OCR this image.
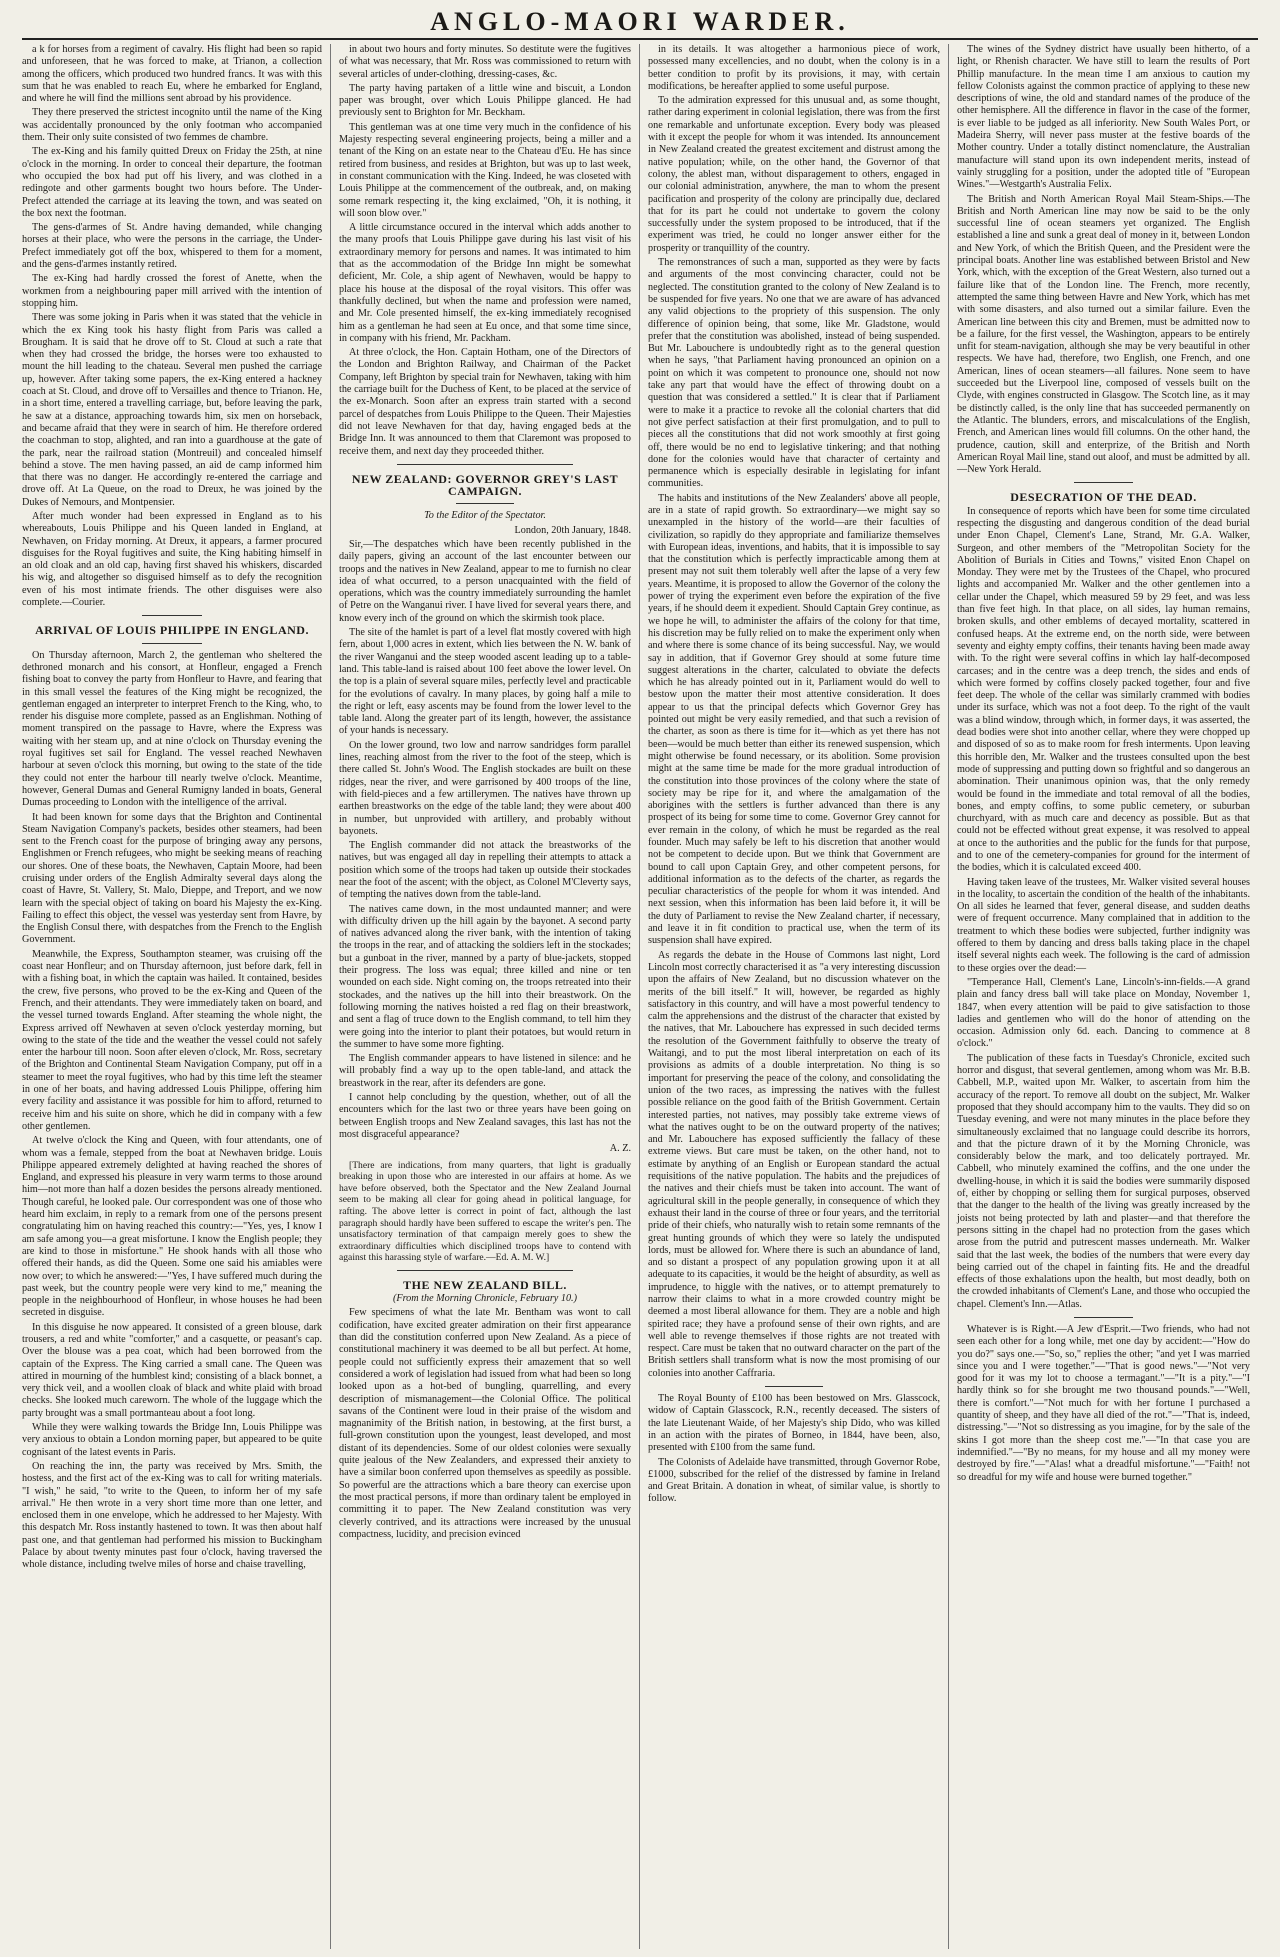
ANGLO-MAORI WARDER.

a k for horses from a regiment of cavalry. His flight had been so rapid and unforeseen, that he was forced to make, at Trianon, a collection among the officers, which produced two hundred francs. It was with this sum that he was enabled to reach Eu, where he embarked for England, and where he will find the millions sent abroad by his providence.

They there preserved the strictest incognito until the name of the King was accidentally pronounced by the only footman who accompanied them. Their only suite consisted of two femmes de chambre.

The ex-King and his family quitted Dreux on Friday the 25th, at nine o'clock in the morning. In order to conceal their departure, the footman who occupied the box had put off his livery, and was clothed in a redingote and other garments bought two hours before. The Under-Prefect attended the carriage at its leaving the town, and was seated on the box next the footman.

The gens-d'armes of St. Andre having demanded, while changing horses at their place, who were the persons in the carriage, the Under-Prefect immediately got off the box, whispered to them for a moment, and the gens-d'armes instantly retired.

The ex-King had hardly crossed the forest of Anette, when the workmen from a neighbouring paper mill arrived with the intention of stopping him.

There was some joking in Paris when it was stated that the vehicle in which the ex King took his hasty flight from Paris was called a Brougham. It is said that he drove off to St. Cloud at such a rate that when they had crossed the bridge, the horses were too exhausted to mount the hill leading to the chateau. Several men pushed the carriage up, however. After taking some papers, the ex-King entered a hackney coach at St. Cloud, and drove off to Versailles and thence to Trianon. He, in a short time, entered a travelling carriage, but, before leaving the park, he saw at a distance, approaching towards him, six men on horseback, and became afraid that they were in search of him. He therefore ordered the coachman to stop, alighted, and ran into a guardhouse at the gate of the park, near the railroad station (Montreuil) and concealed himself behind a stove. The men having passed, an aid de camp informed him that there was no danger. He accordingly re-entered the carriage and drove off. At La Queue, on the road to Dreux, he was joined by the Dukes of Nemours, and Montpensier.

After much wonder had been expressed in England as to his whereabouts, Louis Philippe and his Queen landed in England, at Newhaven, on Friday morning. At Dreux, it appears, a farmer procured disguises for the Royal fugitives and suite, the King habiting himself in an old cloak and an old cap, having first shaved his whiskers, discarded his wig, and altogether so disguised himself as to defy the recognition even of his most intimate friends. The other disguises were also complete.—Courier.

ARRIVAL OF LOUIS PHILIPPE IN ENGLAND.

On Thursday afternoon, March 2, the gentleman who sheltered the dethroned monarch and his consort, at Honfleur, engaged a French fishing boat to convey the party from Honfleur to Havre, and fearing that in this small vessel the features of the King might be recognized, the gentleman engaged an interpreter to interpret French to the King, who, to render his disguise more complete, passed as an Englishman. Nothing of moment transpired on the passage to Havre, where the Express was waiting with her steam up, and at nine o'clock on Thursday evening the royal fugitives set sail for England. The vessel reached Newhaven harbour at seven o'clock this morning, but owing to the state of the tide they could not enter the harbour till nearly twelve o'clock. Meantime, however, General Dumas and General Rumigny landed in boats, General Dumas proceeding to London with the intelligence of the arrival.

It had been known for some days that the Brighton and Continental Steam Navigation Company's packets, besides other steamers, had been sent to the French coast for the purpose of bringing away any persons, Englishmen or French refugees, who might be seeking means of reaching our shores. One of these boats, the Newhaven, Captain Moore, had been cruising under orders of the English Admiralty several days along the coast of Havre, St. Vallery, St. Malo, Dieppe, and Treport, and we now learn with the special object of taking on board his Majesty the ex-King. Failing to effect this object, the vessel was yesterday sent from Havre, by the English Consul there, with despatches from the French to the English Government.

Meanwhile, the Express, Southampton steamer, was cruising off the coast near Honfleur; and on Thursday afternoon, just before dark, fell in with a fishing boat, in which the captain was hailed. It contained, besides the crew, five persons, who proved to be the ex-King and Queen of the French, and their attendants. They were immediately taken on board, and the vessel turned towards England. After steaming the whole night, the Express arrived off Newhaven at seven o'clock yesterday morning, but owing to the state of the tide and the weather the vessel could not safely enter the harbour till noon. Soon after eleven o'clock, Mr. Ross, secretary of the Brighton and Continental Steam Navigation Company, put off in a steamer to meet the royal fugitives, who had by this time left the steamer in one of her boats, and having addressed Louis Philippe, offering him every facility and assistance it was possible for him to afford, returned to receive him and his suite on shore, which he did in company with a few other gentlemen.

At twelve o'clock the King and Queen, with four attendants, one of whom was a female, stepped from the boat at Newhaven bridge. Louis Philippe appeared extremely delighted at having reached the shores of England, and expressed his pleasure in very warm terms to those around him—not more than half a dozen besides the persons already mentioned. Though careful, he looked pale. Our correspondent was one of those who heard him exclaim, in reply to a remark from one of the persons present congratulating him on having reached this country:—"Yes, yes, I know I am safe among you—a great misfortune. I know the English people; they are kind to those in misfortune." He shook hands with all those who offered their hands, as did the Queen. Some one said his amiables were now over; to which he answered:—"Yes, I have suffered much during the past week, but the country people were very kind to me," meaning the people in the neighbourhood of Honfleur, in whose houses he had been secreted in disguise.

In this disguise he now appeared. It consisted of a green blouse, dark trousers, a red and white "comforter," and a casquette, or peasant's cap. Over the blouse was a pea coat, which had been borrowed from the captain of the Express. The King carried a small cane. The Queen was attired in mourning of the humblest kind; consisting of a black bonnet, a very thick veil, and a woollen cloak of black and white plaid with broad checks. She looked much careworn. The whole of the luggage which the party brought was a small portmanteau about a foot long.

While they were walking towards the Bridge Inn, Louis Philippe was very anxious to obtain a London morning paper, but appeared to be quite cognisant of the latest events in Paris.

On reaching the inn, the party was received by Mrs. Smith, the hostess, and the first act of the ex-King was to call for writing materials. "I wish," he said, "to write to the Queen, to inform her of my safe arrival." He then wrote in a very short time more than one letter, and enclosed them in one envelope, which he addressed to her Majesty. With this despatch Mr. Ross instantly hastened to town. It was then about half past one, and that gentleman had performed his mission to Buckingham Palace by about twenty minutes past four o'clock, having traversed the whole distance, including twelve miles of horse and chaise travelling,

in about two hours and forty minutes. So destitute were the fugitives of what was necessary, that Mr. Ross was commissioned to return with several articles of under-clothing, dressing-cases, &c.

The party having partaken of a little wine and biscuit, a London paper was brought, over which Louis Philippe glanced. He had previously sent to Brighton for Mr. Beckham.

This gentleman was at one time very much in the confidence of his Majesty respecting several engineering projects, being a miller and a tenant of the King on an estate near to the Chateau d'Eu. He has since retired from business, and resides at Brighton, but was up to last week, in constant communication with the King. Indeed, he was closeted with Louis Philippe at the commencement of the outbreak, and, on making some remark respecting it, the king exclaimed, "Oh, it is nothing, it will soon blow over."

A little circumstance occured in the interval which adds another to the many proofs that Louis Philippe gave during his last visit of his extraordinary memory for persons and names. It was intimated to him that as the accommodation of the Bridge Inn might be somewhat deficient, Mr. Cole, a ship agent of Newhaven, would be happy to place his house at the disposal of the royal visitors. This offer was thankfully declined, but when the name and profession were named, and Mr. Cole presented himself, the ex-king immediately recognised him as a gentleman he had seen at Eu once, and that some time since, in company with his friend, Mr. Packham.

At three o'clock, the Hon. Captain Hotham, one of the Directors of the London and Brighton Railway, and Chairman of the Packet Company, left Brighton by special train for Newhaven, taking with him the carriage built for the Duchess of Kent, to be placed at the service of the ex-Monarch. Soon after an express train started with a second parcel of despatches from Louis Philippe to the Queen. Their Majesties did not leave Newhaven for that day, having engaged beds at the Bridge Inn. It was announced to them that Claremont was proposed to receive them, and next day they proceeded thither.

NEW ZEALAND: GOVERNOR GREY'S LAST CAMPAIGN.
To the Editor of the Spectator.
London, 20th January, 1848.

Sir,—The despatches which have been recently published in the daily papers, giving an account of the last encounter between our troops and the natives in New Zealand, appear to me to furnish no clear idea of what occurred, to a person unacquainted with the field of operations, which was the country immediately surrounding the hamlet of Petre on the Wanganui river. I have lived for several years there, and know every inch of the ground on which the skirmish took place.

The site of the hamlet is part of a level flat mostly covered with high fern, about 1,000 acres in extent, which lies between the N. W. bank of the river Wanganui and the steep wooded ascent leading up to a table-land. This table-land is raised about 100 feet above the lower level. On the top is a plain of several square miles, perfectly level and practicable for the evolutions of cavalry. In many places, by going half a mile to the right or left, easy ascents may be found from the lower level to the table land. Along the greater part of its length, however, the assistance of your hands is necessary.

On the lower ground, two low and narrow sandridges form parallel lines, reaching almost from the river to the foot of the steep, which is there called St. John's Wood. The English stockades are built on these ridges, near the river, and were garrisoned by 400 troops of the line, with field-pieces and a few artillerymen. The natives have thrown up earthen breastworks on the edge of the table land; they were about 400 in number, but unprovided with artillery, and probably without bayonets.

The English commander did not attack the breastworks of the natives, but was engaged all day in repelling their attempts to attack a position which some of the troops had taken up outside their stockades near the foot of the ascent; with the object, as Colonel M'Cleverty says, of tempting the natives down from the table-land.

The natives came down, in the most undaunted manner; and were with difficulty driven up the hill again by the bayonet. A second party of natives advanced along the river bank, with the intention of taking the troops in the rear, and of attacking the soldiers left in the stockades; but a gunboat in the river, manned by a party of blue-jackets, stopped their progress. The loss was equal; three killed and nine or ten wounded on each side. Night coming on, the troops retreated into their stockades, and the natives up the hill into their breastwork. On the following morning the natives hoisted a red flag on their breastwork, and sent a flag of truce down to the English command, to tell him they were going into the interior to plant their potatoes, but would return in the summer to have some more fighting.

The English commander appears to have listened in silence: and he will probably find a way up to the open table-land, and attack the breastwork in the rear, after its defenders are gone.

I cannot help concluding by the question, whether, out of all the encounters which for the last two or three years have been going on between English troops and New Zealand savages, this last has not the most disgraceful appearance?

A. Z.

[There are indications, from many quarters, that light is gradually breaking in upon those who are interested in our affairs at home. As we have before observed, both the Spectator and the New Zealand Journal seem to be making all clear for going ahead in political language, for rafting. The above letter is correct in point of fact, although the last paragraph should hardly have been suffered to escape the writer's pen. The unsatisfactory termination of that campaign merely goes to shew the extraordinary difficulties which disciplined troops have to contend with against this harassing style of warfare.—Ed. A. M. W.]

THE NEW ZEALAND BILL.
(From the Morning Chronicle, February 10.)

Few specimens of what the late Mr. Bentham was wont to call codification, have excited greater admiration on their first appearance than did the constitution conferred upon New Zealand. As a piece of constitutional machinery it was deemed to be all but perfect. At home, people could not sufficiently express their amazement that so well considered a work of legislation had issued from what had been so long looked upon as a hot-bed of bungling, quarrelling, and every description of mismanagement—the Colonial Office. The political savans of the Continent were loud in their praise of the wisdom and magnanimity of the British nation, in bestowing, at the first burst, a full-grown constitution upon the youngest, least developed, and most distant of its dependencies. Some of our oldest colonies were sexually quite jealous of the New Zealanders, and expressed their anxiety to have a similar boon conferred upon themselves as speedily as possible. So powerful are the attractions which a bare theory can exercise upon the most practical persons, if more than ordinary talent be employed in committing it to paper. The New Zealand constitution was very cleverly contrived, and its attractions were increased by the unusual compactness, lucidity, and precision evinced

in its details. It was altogether a harmonious piece of work, possessed many excellencies, and no doubt, when the colony is in a better condition to profit by its provisions, it may, with certain modifications, be hereafter applied to some useful purpose.

To the admiration expressed for this unusual and, as some thought, rather daring experiment in colonial legislation, there was from the first one remarkable and unfortunate exception. Every body was pleased with it except the people for whom it was intended. Its announcement in New Zealand created the greatest excitement and distrust among the native population; while, on the other hand, the Governor of that colony, the ablest man, without disparagement to others, engaged in our colonial administration, anywhere, the man to whom the present pacification and prosperity of the colony are principally due, declared that for its part he could not undertake to govern the colony successfully under the system proposed to be introduced, that if the experiment was tried, he could no longer answer either for the prosperity or tranquillity of the country.

The remonstrances of such a man, supported as they were by facts and arguments of the most convincing character, could not be neglected. The constitution granted to the colony of New Zealand is to be suspended for five years. No one that we are aware of has advanced any valid objections to the propriety of this suspension. The only difference of opinion being, that some, like Mr. Gladstone, would prefer that the constitution was abolished, instead of being suspended. But Mr. Labouchere is undoubtedly right as to the general question when he says, "that Parliament having pronounced an opinion on a point on which it was competent to pronounce one, should not now take any part that would have the effect of throwing doubt on a question that was considered a settled." It is clear that if Parliament were to make it a practice to revoke all the colonial charters that did not give perfect satisfaction at their first promulgation, and to pull to pieces all the constitutions that did not work smoothly at first going off, there would be no end to legislative tinkering; and that nothing done for the colonies would have that character of certainty and permanence which is especially desirable in legislating for infant communities.

The habits and institutions of the New Zealanders' above all people, are in a state of rapid growth. So extraordinary—we might say so unexampled in the history of the world—are their faculties of civilization, so rapidly do they appropriate and familiarize themselves with European ideas, inventions, and habits, that it is impossible to say that the constitution which is perfectly impracticable among them at present may not suit them tolerably well after the lapse of a very few years. Meantime, it is proposed to allow the Governor of the colony the power of trying the experiment even before the expiration of the five years, if he should deem it expedient. Should Captain Grey continue, as we hope he will, to administer the affairs of the colony for that time, his discretion may be fully relied on to make the experiment only when and where there is some chance of its being successful. Nay, we would say in addition, that if Governor Grey should at some future time suggest alterations in the charter, calculated to obviate the defects which he has already pointed out in it, Parliament would do well to bestow upon the matter their most attentive consideration. It does appear to us that the principal defects which Governor Grey has pointed out might be very easily remedied, and that such a revision of the charter, as soon as there is time for it—which as yet there has not been—would be much better than either its renewed suspension, which might otherwise be found necessary, or its abolition. Some provision might at the same time be made for the more gradual introduction of the constitution into those provinces of the colony where the state of society may be ripe for it, and where the amalgamation of the aborigines with the settlers is further advanced than there is any prospect of its being for some time to come. Governor Grey cannot for ever remain in the colony, of which he must be regarded as the real founder. Much may safely be left to his discretion that another would not be competent to decide upon. But we think that Government are bound to call upon Captain Grey, and other competent persons, for additional information as to the defects of the charter, as regards the peculiar characteristics of the people for whom it was intended. And next session, when this information has been laid before it, it will be the duty of Parliament to revise the New Zealand charter, if necessary, and leave it in fit condition to practical use, when the term of its suspension shall have expired.

As regards the debate in the House of Commons last night, Lord Lincoln most correctly characterised it as "a very interesting discussion upon the affairs of New Zealand, but no discussion whatever on the merits of the bill itself." It will, however, be regarded as highly satisfactory in this country, and will have a most powerful tendency to calm the apprehensions and the distrust of the character that existed by the natives, that Mr. Labouchere has expressed in such decided terms the resolution of the Government faithfully to observe the treaty of Waitangi, and to put the most liberal interpretation on each of its provisions as admits of a double interpretation. No thing is so important for preserving the peace of the colony, and consolidating the union of the two races, as impressing the natives with the fullest possible reliance on the good faith of the British Government. Certain interested parties, not natives, may possibly take extreme views of what the natives ought to be on the outward property of the natives; and Mr. Labouchere has exposed sufficiently the fallacy of these extreme views. But care must be taken, on the other hand, not to estimate by anything of an English or European standard the actual requisitions of the native population. The habits and the prejudices of the natives and their chiefs must be taken into account. The want of agricultural skill in the people generally, in consequence of which they exhaust their land in the course of three or four years, and the territorial pride of their chiefs, who naturally wish to retain some remnants of the great hunting grounds of which they were so lately the undisputed lords, must be allowed for. Where there is such an abundance of land, and so distant a prospect of any population growing upon it at all adequate to its capacities, it would be the height of absurdity, as well as imprudence, to higgle with the natives, or to attempt prematurely to narrow their claims to what in a more crowded country might be deemed a most liberal allowance for them. They are a noble and high spirited race; they have a profound sense of their own rights, and are well able to revenge themselves if those rights are not treated with respect. Care must be taken that no outward character on the part of the British settlers shall transform what is now the most promising of our colonies into another Caffraria.

The Royal Bounty of £100 has been bestowed on Mrs. Glasscock, widow of Captain Glasscock, R.N., recently deceased. The sisters of the late Lieutenant Waide, of her Majesty's ship Dido, who was killed in an action with the pirates of Borneo, in 1844, have been, also, presented with £100 from the same fund.

The Colonists of Adelaide have transmitted, through Governor Robe, £1000, subscribed for the relief of the distressed by famine in Ireland and Great Britain. A donation in wheat, of similar value, is shortly to follow.

The wines of the Sydney district have usually been hitherto, of a light, or Rhenish character. We have still to learn the results of Port Phillip manufacture. In the mean time I am anxious to caution my fellow Colonists against the common practice of applying to these new descriptions of wine, the old and standard names of the produce of the other hemisphere. All the difference in flavor in the case of the former, is ever liable to be judged as all inferiority. New South Wales Port, or Madeira Sherry, will never pass muster at the festive boards of the Mother country. Under a totally distinct nomenclature, the Australian manufacture will stand upon its own independent merits, instead of vainly struggling for a position, under the adopted title of "European Wines."—Westgarth's Australia Felix.

The British and North American Royal Mail Steam-Ships.—The British and North American line may now be said to be the only successful line of ocean steamers yet organized. The English established a line and sunk a great deal of money in it, between London and New York, of which the British Queen, and the President were the principal boats. Another line was established between Bristol and New York, which, with the exception of the Great Western, also turned out a failure like that of the London line. The French, more recently, attempted the same thing between Havre and New York, which has met with some disasters, and also turned out a similar failure. Even the American line between this city and Bremen, must be admitted now to be a failure, for the first vessel, the Washington, appears to be entirely unfit for steam-navigation, although she may be very beautiful in other respects. We have had, therefore, two English, one French, and one American, lines of ocean steamers—all failures. None seem to have succeeded but the Liverpool line, composed of vessels built on the Clyde, with engines constructed in Glasgow. The Scotch line, as it may be distinctly called, is the only line that has succeeded permanently on the Atlantic. The blunders, errors, and miscalculations of the English, French, and American lines would fill columns. On the other hand, the prudence, caution, skill and enterprize, of the British and North American Royal Mail line, stand out aloof, and must be admitted by all.—New York Herald.

DESECRATION OF THE DEAD.

In consequence of reports which have been for some time circulated respecting the disgusting and dangerous condition of the dead burial under Enon Chapel, Clement's Lane, Strand, Mr. G.A. Walker, Surgeon, and other members of the "Metropolitan Society for the Abolition of Burials in Cities and Towns," visited Enon Chapel on Monday. They were met by the Trustees of the Chapel, who procured lights and accompanied Mr. Walker and the other gentlemen into a cellar under the Chapel, which measured 59 by 29 feet, and was less than five feet high. In that place, on all sides, lay human remains, broken skulls, and other emblems of decayed mortality, scattered in confused heaps. At the extreme end, on the north side, were between seventy and eighty empty coffins, their tenants having been made away with. To the right were several coffins in which lay half-decomposed carcases; and in the centre was a deep trench, the sides and ends of which were formed by coffins closely packed together, four and five feet deep. The whole of the cellar was similarly crammed with bodies under its surface, which was not a foot deep. To the right of the vault was a blind window, through which, in former days, it was asserted, the dead bodies were shot into another cellar, where they were chopped up and disposed of so as to make room for fresh interments. Upon leaving this horrible den, Mr. Walker and the trustees consulted upon the best mode of suppressing and putting down so frightful and so dangerous an abomination. Their unanimous opinion was, that the only remedy would be found in the immediate and total removal of all the bodies, bones, and empty coffins, to some public cemetery, or suburban churchyard, with as much care and decency as possible. But as that could not be effected without great expense, it was resolved to appeal at once to the authorities and the public for the funds for that purpose, and to one of the cemetery-companies for ground for the interment of the bodies, which it is calculated exceed 400.

Having taken leave of the trustees, Mr. Walker visited several houses in the locality, to ascertain the condition of the health of the inhabitants. On all sides he learned that fever, general disease, and sudden deaths were of frequent occurrence. Many complained that in addition to the treatment to which these bodies were subjected, further indignity was offered to them by dancing and dress balls taking place in the chapel itself several nights each week. The following is the card of admission to these orgies over the dead:—

"Temperance Hall, Clement's Lane, Lincoln's-inn-fields.—A grand plain and fancy dress ball will take place on Monday, November 1, 1847, when every attention will be paid to give satisfaction to those ladies and gentlemen who will do the honor of attending on the occasion. Admission only 6d. each. Dancing to commence at 8 o'clock."

The publication of these facts in Tuesday's Chronicle, excited such horror and disgust, that several gentlemen, among whom was Mr. B.B. Cabbell, M.P., waited upon Mr. Walker, to ascertain from him the accuracy of the report. To remove all doubt on the subject, Mr. Walker proposed that they should accompany him to the vaults. They did so on Tuesday evening, and were not many minutes in the place before they simultaneously exclaimed that no language could describe its horrors, and that the picture drawn of it by the Morning Chronicle, was considerably below the mark, and too delicately portrayed. Mr. Cabbell, who minutely examined the coffins, and the one under the dwelling-house, in which it is said the bodies were summarily disposed of, either by chopping or selling them for surgical purposes, observed that the danger to the health of the living was greatly increased by the joists not being protected by lath and plaster—and that therefore the persons sitting in the chapel had no protection from the gases which arose from the putrid and putrescent masses underneath. Mr. Walker said that the last week, the bodies of the numbers that were every day being carried out of the chapel in fainting fits. He and the dreadful effects of those exhalations upon the health, but most deadly, both on the crowded inhabitants of Clement's Lane, and those who occupied the chapel. Clement's Inn.—Atlas.

Whatever is is Right.—A Jew d'Esprit.—Two friends, who had not seen each other for a long while, met one day by accident:—"How do you do?" says one.—"So, so," replies the other; "and yet I was married since you and I were together."—"That is good news."—"Not very good for it was my lot to choose a termagant."—"It is a pity."—"I hardly think so for she brought me two thousand pounds."—"Well, there is comfort."—"Not much for with her fortune I purchased a quantity of sheep, and they have all died of the rot."—"That is, indeed, distressing."—"Not so distressing as you imagine, for by the sale of the skins I got more than the sheep cost me."—"In that case you are indemnified."—"By no means, for my house and all my money were destroyed by fire."—"Alas! what a dreadful misfortune."—"Faith! not so dreadful for my wife and house were burned together."
